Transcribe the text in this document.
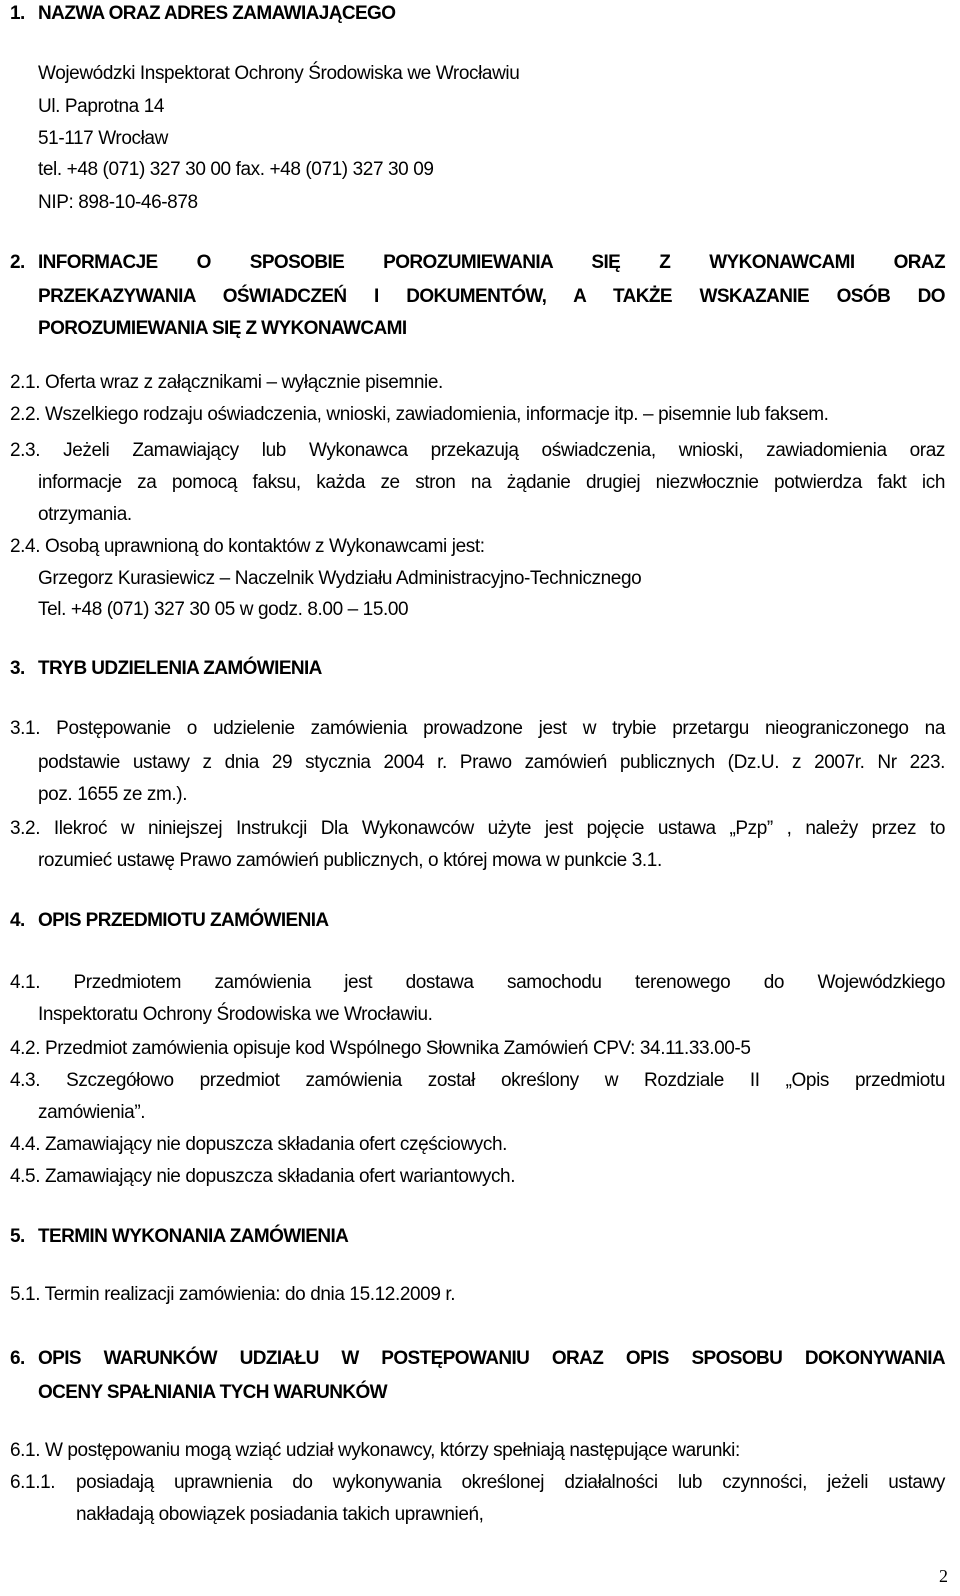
1. NAZWA ORAZ ADRES ZAMAWIAJĄCEGO
Wojewódzki Inspektorat Ochrony Środowiska we Wrocławiu
Ul. Paprotna 14
51-117 Wrocław
tel. +48 (071) 327 30 00 fax. +48 (071) 327 30 09
NIP: 898-10-46-878
2. INFORMACJE O SPOSOBIE POROZUMIEWANIA SIĘ Z WYKONAWCAMI ORAZ
PRZEKAZYWANIA OŚWIADCZEŃ I DOKUMENTÓW, A TAKŻE WSKAZANIE OSÓB DO
POROZUMIEWANIA SIĘ Z WYKONAWCAMI
2.1. Oferta wraz z załącznikami – wyłącznie pisemnie.
2.2. Wszelkiego rodzaju oświadczenia, wnioski, zawiadomienia, informacje itp. – pisemnie lub faksem.
2.3. Jeżeli Zamawiający lub Wykonawca przekazują oświadczenia, wnioski, zawiadomienia oraz
informacje za pomocą faksu, każda ze stron na żądanie drugiej niezwłocznie potwierdza fakt ich
otrzymania.
2.4. Osobą uprawnioną do kontaktów z Wykonawcami jest:
Grzegorz Kurasiewicz – Naczelnik Wydziału Administracyjno-Technicznego
Tel. +48 (071) 327 30 05 w godz. 8.00 – 15.00
3. TRYB UDZIELENIA ZAMÓWIENIA
3.1. Postępowanie o udzielenie zamówienia prowadzone jest w trybie przetargu nieograniczonego na
podstawie ustawy z dnia 29 stycznia 2004 r. Prawo zamówień publicznych (Dz.U. z 2007r. Nr 223.
poz. 1655 ze zm.).
3.2. Ilekroć w niniejszej Instrukcji Dla Wykonawców użyte jest pojęcie ustawa „Pzp” , należy przez to
rozumieć ustawę Prawo zamówień publicznych, o której mowa w punkcie 3.1.
4. OPIS PRZEDMIOTU ZAMÓWIENIA
4.1. Przedmiotem zamówienia jest dostawa samochodu terenowego do Wojewódzkiego
Inspektoratu Ochrony Środowiska we Wrocławiu.
4.2. Przedmiot zamówienia opisuje kod Wspólnego Słownika Zamówień CPV: 34.11.33.00-5
4.3. Szczegółowo przedmiot zamówienia został określony w Rozdziale II „Opis przedmiotu
zamówienia”.
4.4. Zamawiający nie dopuszcza składania ofert częściowych.
4.5. Zamawiający nie dopuszcza składania ofert wariantowych.
5. TERMIN WYKONANIA ZAMÓWIENIA
5.1. Termin realizacji zamówienia: do dnia 15.12.2009 r.
6. OPIS WARUNKÓW UDZIAŁU W POSTĘPOWANIU ORAZ OPIS SPOSOBU DOKONYWANIA
OCENY SPAŁNIANIA TYCH WARUNKÓW
6.1. W postępowaniu mogą wziąć udział wykonawcy, którzy spełniają następujące warunki:
6.1.1. posiadają uprawnienia do wykonywania określonej działalności lub czynności, jeżeli ustawy
nakładają obowiązek posiadania takich uprawnień,
2
